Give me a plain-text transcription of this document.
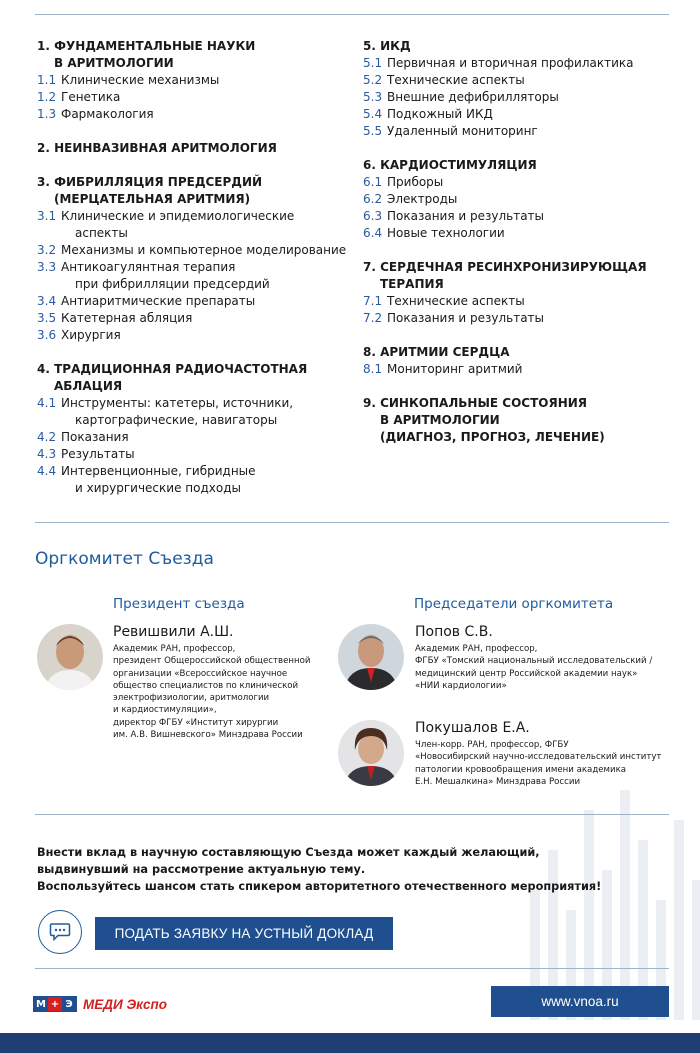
1. ФУНДАМЕНТАЛЬНЫЕ НАУКИ
В АРИТМОЛОГИИ
1.1 Клинические механизмы
1.2 Генетика
1.3 Фармакология
2. НЕИНВАЗИВНАЯ АРИТМОЛОГИЯ
3. ФИБРИЛЛЯЦИЯ ПРЕДСЕРДИЙ
(МЕРЦАТЕЛЬНАЯ АРИТМИЯ)
3.1 Клинические и эпидемиологические
аспекты
3.2 Механизмы и компьютерное моделирование
3.3 Антикоагулянтная терапия
при фибрилляции предсердий
3.4 Антиаритмические препараты
3.5 Катетерная абляция
3.6 Хирургия
4. ТРАДИЦИОННАЯ РАДИОЧАСТОТНАЯ
АБЛАЦИЯ
4.1 Инструменты: катетеры, источники,
картографические, навигаторы
4.2 Показания
4.3 Результаты
4.4 Интервенционные, гибридные
и хирургические подходы
5. ИКД
5.1 Первичная и вторичная профилактика
5.2 Технические аспекты
5.3 Внешние дефибрилляторы
5.4 Подкожный ИКД
5.5 Удаленный мониторинг
6. КАРДИОСТИМУЛЯЦИЯ
6.1 Приборы
6.2 Электроды
6.3 Показания и результаты
6.4 Новые технологии
7. СЕРДЕЧНАЯ РЕСИНХРОНИЗИРУЮЩАЯ
ТЕРАПИЯ
7.1 Технические аспекты
7.2 Показания и результаты
8. АРИТМИИ СЕРДЦА
8.1 Мониторинг аритмий
9. СИНКОПАЛЬНЫЕ СОСТОЯНИЯ
В АРИТМОЛОГИИ
(ДИАГНОЗ, ПРОГНОЗ, ЛЕЧЕНИЕ)
Оргкомитет Съезда
Президент съезда	Председатели оргкомитета
Ревишвили А.Ш.
Академик РАН, профессор,
президент Общероссийской общественной
организации «Всероссийское научное
общество специалистов по клинической
электрофизиологии, аритмологии
и кардиостимуляции»,
директор ФГБУ «Институт хирургии
им. А.В. Вишневского» Минздрава России
Попов С.В.
Академик РАН, профессор,
ФГБУ «Томский национальный исследовательский /
медицинский центр Российской академии наук»
«НИИ кардиологии»
Покушалов Е.А.
Член-корр. РАН, профессор, ФГБУ
«Новосибирский научно-исследовательский институт
патологии кровообращения имени академика
Е.Н. Мешалкина» Минздрава России
Внести вклад в научную составляющую Съезда может каждый желающий,
выдвинувший на рассмотрение актуальную тему.
Воспользуйтесь шансом стать спикером авторитетного отечественного мероприятия!
ПОДАТЬ ЗАЯВКУ НА УСТНЫЙ ДОКЛАД
М + Э МЕДИ Экспо	www.vnoa.ru
